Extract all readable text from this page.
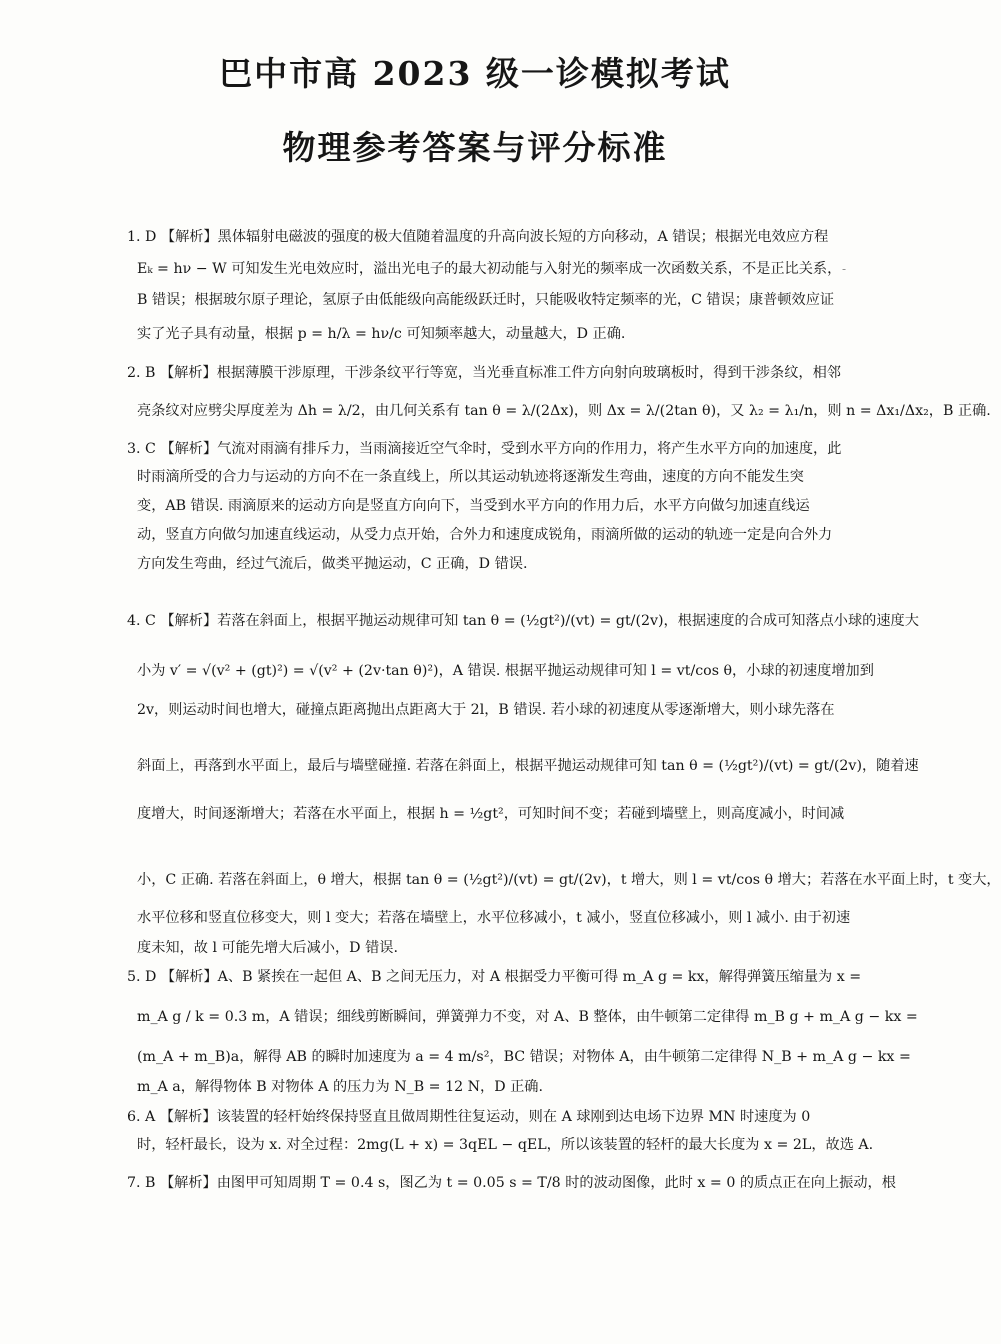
巴中市高 2023 级一诊模拟考试
物理参考答案与评分标准
-
1. D 【解析】黑体辐射电磁波的强度的极大值随着温度的升高向波长短的方向移动，A 错误；根据光电效应方程
Eₖ = hν − W 可知发生光电效应时，溢出光电子的最大初动能与入射光的频率成一次函数关系，不是正比关系，
B 错误；根据玻尔原子理论，氢原子由低能级向高能级跃迁时，只能吸收特定频率的光，C 错误；康普顿效应证
实了光子具有动量，根据 p = h/λ = hν/c 可知频率越大，动量越大，D 正确.
2. B 【解析】根据薄膜干涉原理，干涉条纹平行等宽，当光垂直标准工件方向射向玻璃板时，得到干涉条纹，相邻
亮条纹对应劈尖厚度差为 Δh = λ/2，由几何关系有 tan θ = λ/(2Δx)，则 Δx = λ/(2tan θ)，又 λ₂ = λ₁/n，则 n = Δx₁/Δx₂，B 正确.
3. C 【解析】气流对雨滴有排斥力，当雨滴接近空气伞时，受到水平方向的作用力，将产生水平方向的加速度，此
时雨滴所受的合力与运动的方向不在一条直线上，所以其运动轨迹将逐渐发生弯曲，速度的方向不能发生突
变，AB 错误. 雨滴原来的运动方向是竖直方向向下，当受到水平方向的作用力后，水平方向做匀加速直线运
动，竖直方向做匀加速直线运动，从受力点开始，合外力和速度成锐角，雨滴所做的运动的轨迹一定是向合外力
方向发生弯曲，经过气流后，做类平抛运动，C 正确，D 错误.
4. C 【解析】若落在斜面上，根据平抛运动规律可知 tan θ = (½gt²)/(vt) = gt/(2v)，根据速度的合成可知落点小球的速度大
小为 v′ = √(v² + (gt)²) = √(v² + (2v·tan θ)²)，A 错误. 根据平抛运动规律可知 l = vt/cos θ，小球的初速度增加到
2v，则运动时间也增大，碰撞点距离抛出点距离大于 2l，B 错误. 若小球的初速度从零逐渐增大，则小球先落在
斜面上，再落到水平面上，最后与墙壁碰撞. 若落在斜面上，根据平抛运动规律可知 tan θ = (½gt²)/(vt) = gt/(2v)，随着速
度增大，时间逐渐增大；若落在水平面上，根据 h = ½gt²，可知时间不变；若碰到墙壁上，则高度减小，时间减
小，C 正确. 若落在斜面上，θ 增大，根据 tan θ = (½gt²)/(vt) = gt/(2v)，t 增大，则 l = vt/cos θ 增大；若落在水平面上时，t 变大，
水平位移和竖直位移变大，则 l 变大；若落在墙壁上，水平位移减小，t 减小，竖直位移减小，则 l 减小. 由于初速
度未知，故 l 可能先增大后减小，D 错误.
5. D 【解析】A、B 紧挨在一起但 A、B 之间无压力，对 A 根据受力平衡可得 m_A g = kx，解得弹簧压缩量为 x =
m_A g / k = 0.3 m，A 错误；细线剪断瞬间，弹簧弹力不变，对 A、B 整体，由牛顿第二定律得 m_B g + m_A g − kx =
(m_A + m_B)a，解得 AB 的瞬时加速度为 a = 4 m/s²，BC 错误；对物体 A，由牛顿第二定律得 N_B + m_A g − kx =
m_A a，解得物体 B 对物体 A 的压力为 N_B = 12 N，D 正确.
6. A 【解析】该装置的轻杆始终保持竖直且做周期性往复运动，则在 A 球刚到达电场下边界 MN 时速度为 0
时，轻杆最长，设为 x. 对全过程：2mg(L + x) = 3qEL − qEL，所以该装置的轻杆的最大长度为 x = 2L，故选 A.
7. B 【解析】由图甲可知周期 T = 0.4 s，图乙为 t = 0.05 s = T/8 时的波动图像，此时 x = 0 的质点正在向上振动，根
